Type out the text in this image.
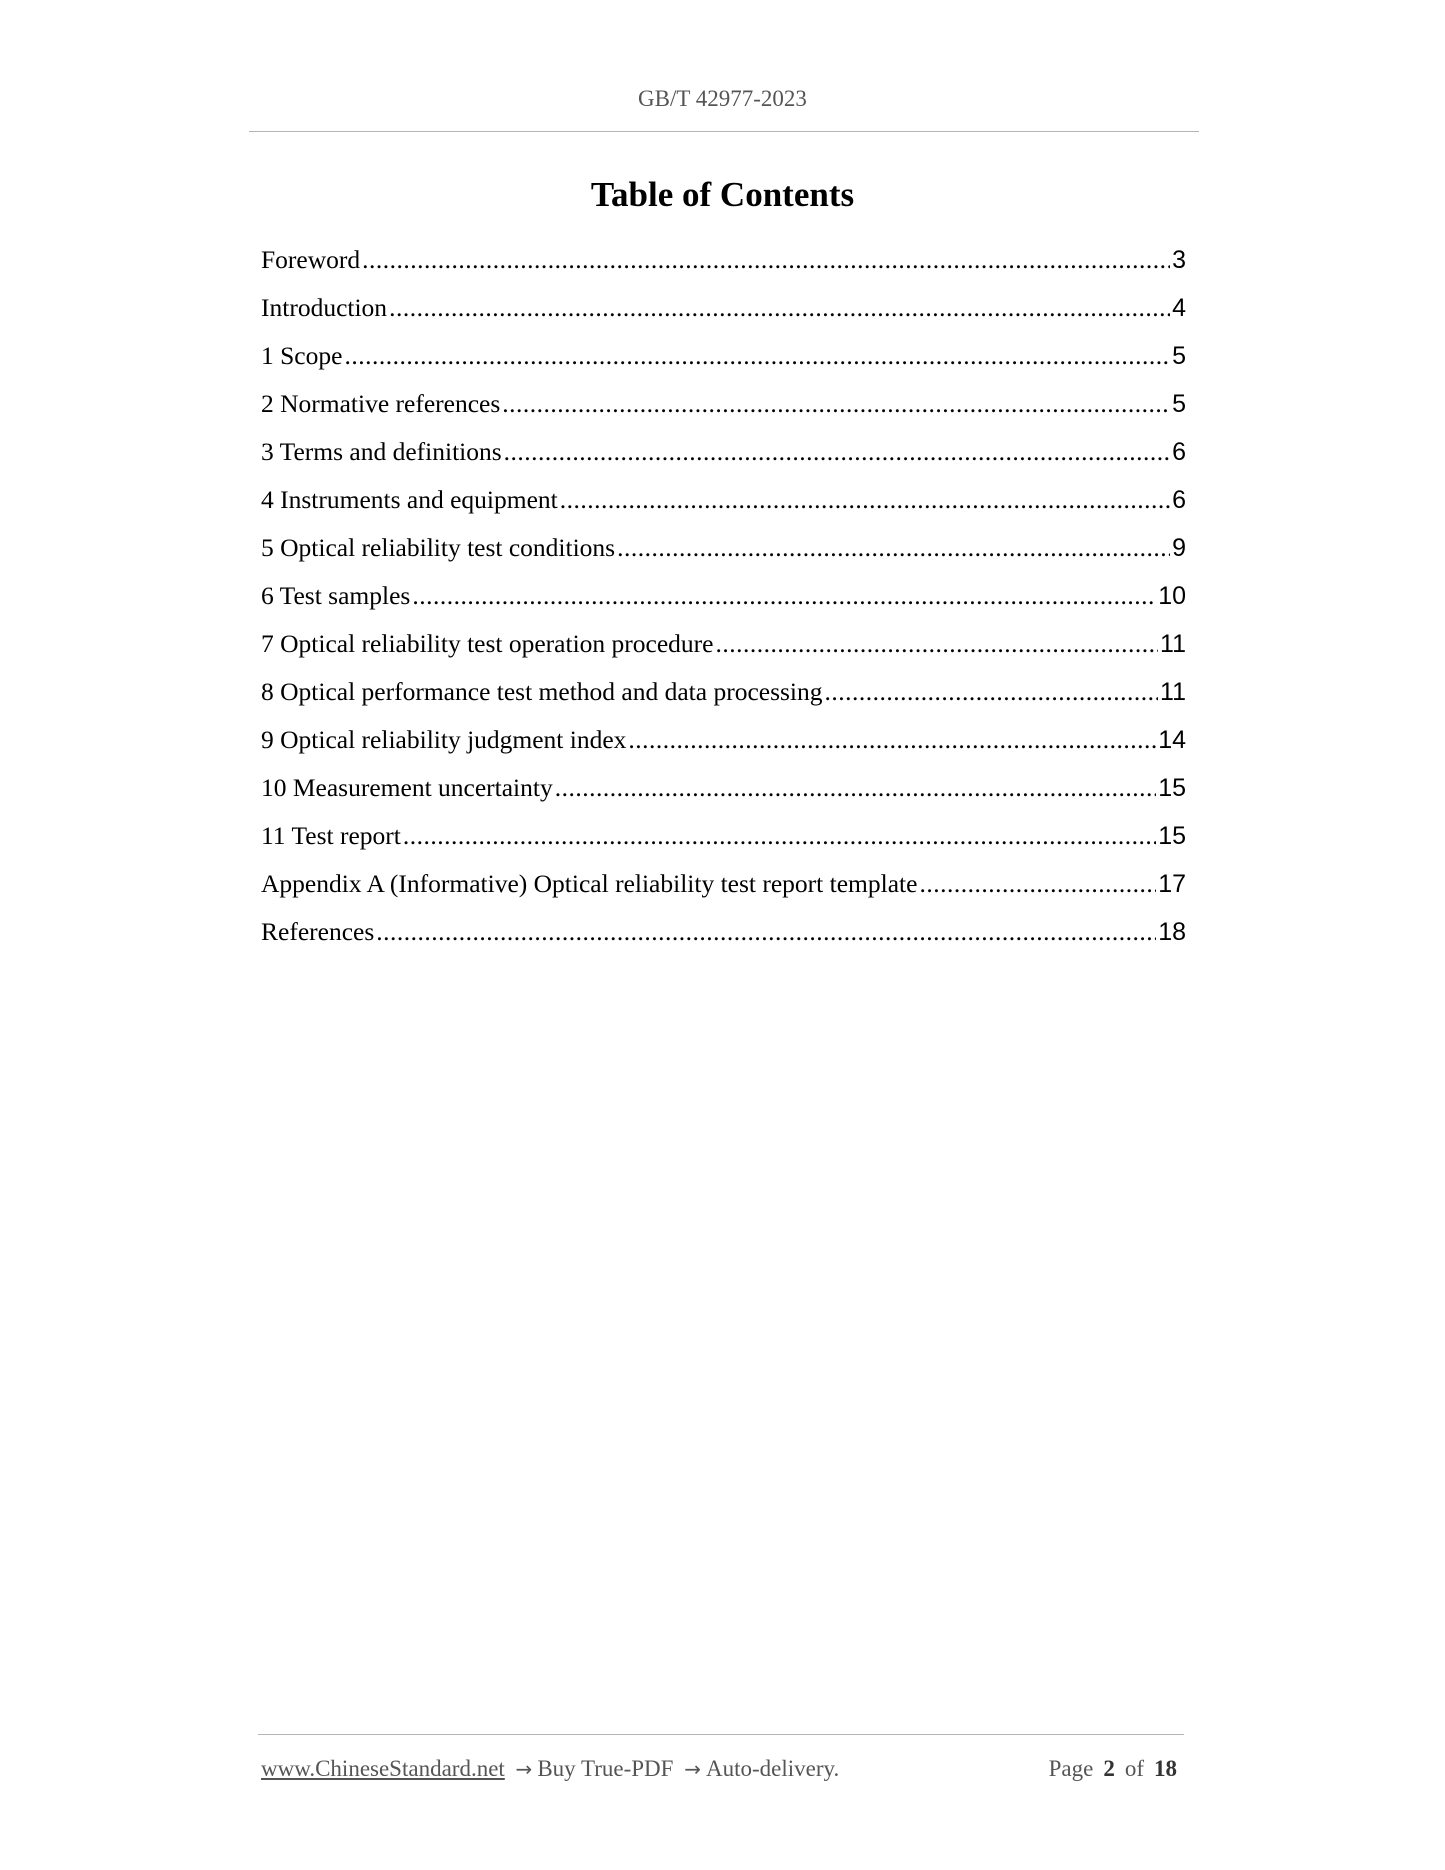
GB/T 42977-2023
Table of Contents
Foreword .....	3
Introduction .....	4
1 Scope .....	5
2 Normative references .....	5
3 Terms and definitions .....	6
4 Instruments and equipment .....	6
5 Optical reliability test conditions .....	9
6 Test samples .....	10
7 Optical reliability test operation procedure .....	11
8 Optical performance test method and data processing .....	11
9 Optical reliability judgment index .....	14
10 Measurement uncertainty .....	15
11 Test report .....	15
Appendix A (Informative) Optical reliability test report template .....	17
References .....	18
www.ChineseStandard.net → Buy True-PDF → Auto-delivery.	Page 2 of 18
